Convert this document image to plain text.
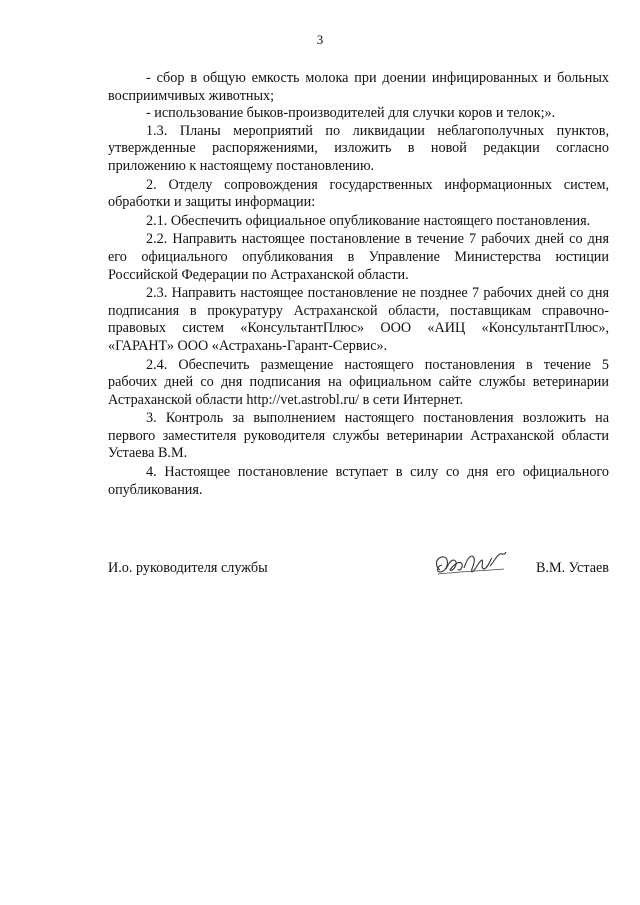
3

- сбор в общую емкость молока при доении инфицированных и больных восприимчивых животных;

- использование быков-производителей для случки коров и телок;».

1.3. Планы мероприятий по ликвидации неблагополучных пунктов, утвержденные распоряжениями, изложить в новой редакции согласно приложению к настоящему постановлению.

2. Отделу сопровождения государственных информационных систем, обработки и защиты информации:

2.1. Обеспечить официальное опубликование настоящего постановления.

2.2. Направить настоящее постановление в течение 7 рабочих дней со дня его официального опубликования в Управление Министерства юстиции Российской Федерации по Астраханской области.

2.3. Направить настоящее постановление не позднее 7 рабочих дней со дня подписания в прокуратуру Астраханской области, поставщикам справочно-правовых систем «КонсультантПлюс» ООО «АИЦ «КонсультантПлюс», «ГАРАНТ» ООО «Астрахань-Гарант-Сервис».

2.4. Обеспечить размещение настоящего постановления в течение 5 рабочих дней со дня подписания на официальном сайте службы ветеринарии Астраханской области http://vet.astrobl.ru/ в сети Интернет.

3. Контроль за выполнением настоящего постановления возложить на первого заместителя руководителя службы ветеринарии Астраханской области Устаева В.М.

4. Настоящее постановление вступает в силу со дня его официального опубликования.

И.о. руководителя службы	В.М. Устаев
